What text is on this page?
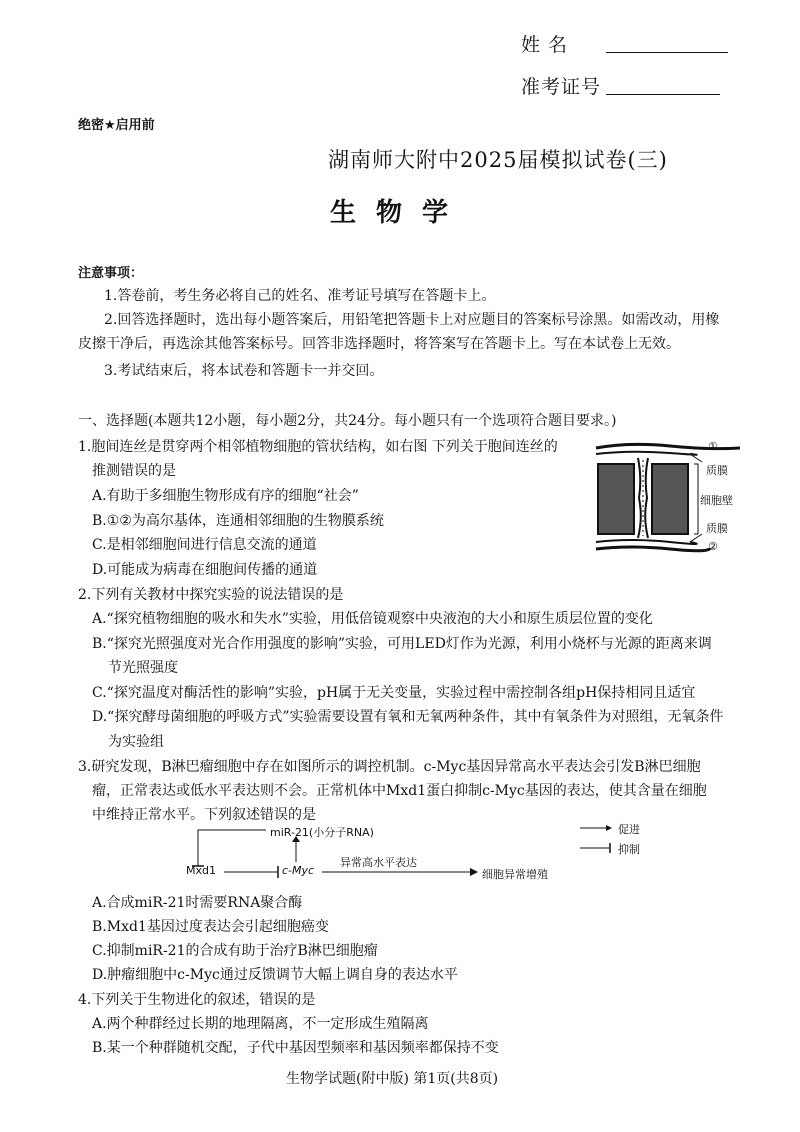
姓 名
准考证号
绝密★启用前
湖南师大附中2025届模拟试卷(三)
生物学
注意事项：
1.答卷前，考生务必将自己的姓名、准考证号填写在答题卡上。
2.回答选择题时，选出每小题答案后，用铅笔把答题卡上对应题目的答案标号涂黑。如需改动，用橡
皮擦干净后，再选涂其他答案标号。回答非选择题时，将答案写在答题卡上。写在本试卷上无效。
3.考试结束后，将本试卷和答题卡一并交回。
一、选择题(本题共12小题，每小题2分，共24分。每小题只有一个选项符合题目要求。)
1.胞间连丝是贯穿两个相邻植物细胞的管状结构，如右图 下列关于胞间连丝的
推测错误的是
A.有助于多细胞生物形成有序的细胞“社会”
B.①②为高尔基体，连通相邻细胞的生物膜系统
C.是相邻细胞间进行信息交流的通道
D.可能成为病毒在细胞间传播的通道
①
质膜
细胞壁
质膜
②
2.下列有关教材中探究实验的说法错误的是
A.“探究植物细胞的吸水和失水”实验，用低倍镜观察中央液泡的大小和原生质层位置的变化
B.“探究光照强度对光合作用强度的影响”实验，可用LED灯作为光源，利用小烧杯与光源的距离来调
节光照强度
C.“探究温度对酶活性的影响”实验，pH属于无关变量，实验过程中需控制各组pH保持相同且适宜
D.“探究酵母菌细胞的呼吸方式”实验需要设置有氧和无氧两种条件，其中有氧条件为对照组，无氧条件
为实验组
3.研究发现，B淋巴瘤细胞中存在如图所示的调控机制。c-Myc基因异常高水平表达会引发B淋巴细胞
瘤，正常表达或低水平表达则不会。正常机体中Mxd1蛋白抑制c-Myc基因的表达，使其含量在细胞
中维持正常水平。下列叙述错误的是
miR-21(小分子RNA)
Mxd1	c-Myc
异常高水平表达
细胞异常增殖
促进
抑制
A.合成miR-21时需要RNA聚合酶
B.Mxd1基因过度表达会引起细胞癌变
C.抑制miR-21的合成有助于治疗B淋巴细胞瘤
D.肿瘤细胞中c-Myc通过反馈调节大幅上调自身的表达水平
4.下列关于生物进化的叙述，错误的是
A.两个种群经过长期的地理隔离，不一定形成生殖隔离
B.某一个种群随机交配，子代中基因型频率和基因频率都保持不变
生物学试题(附中版) 第1页(共8页)
